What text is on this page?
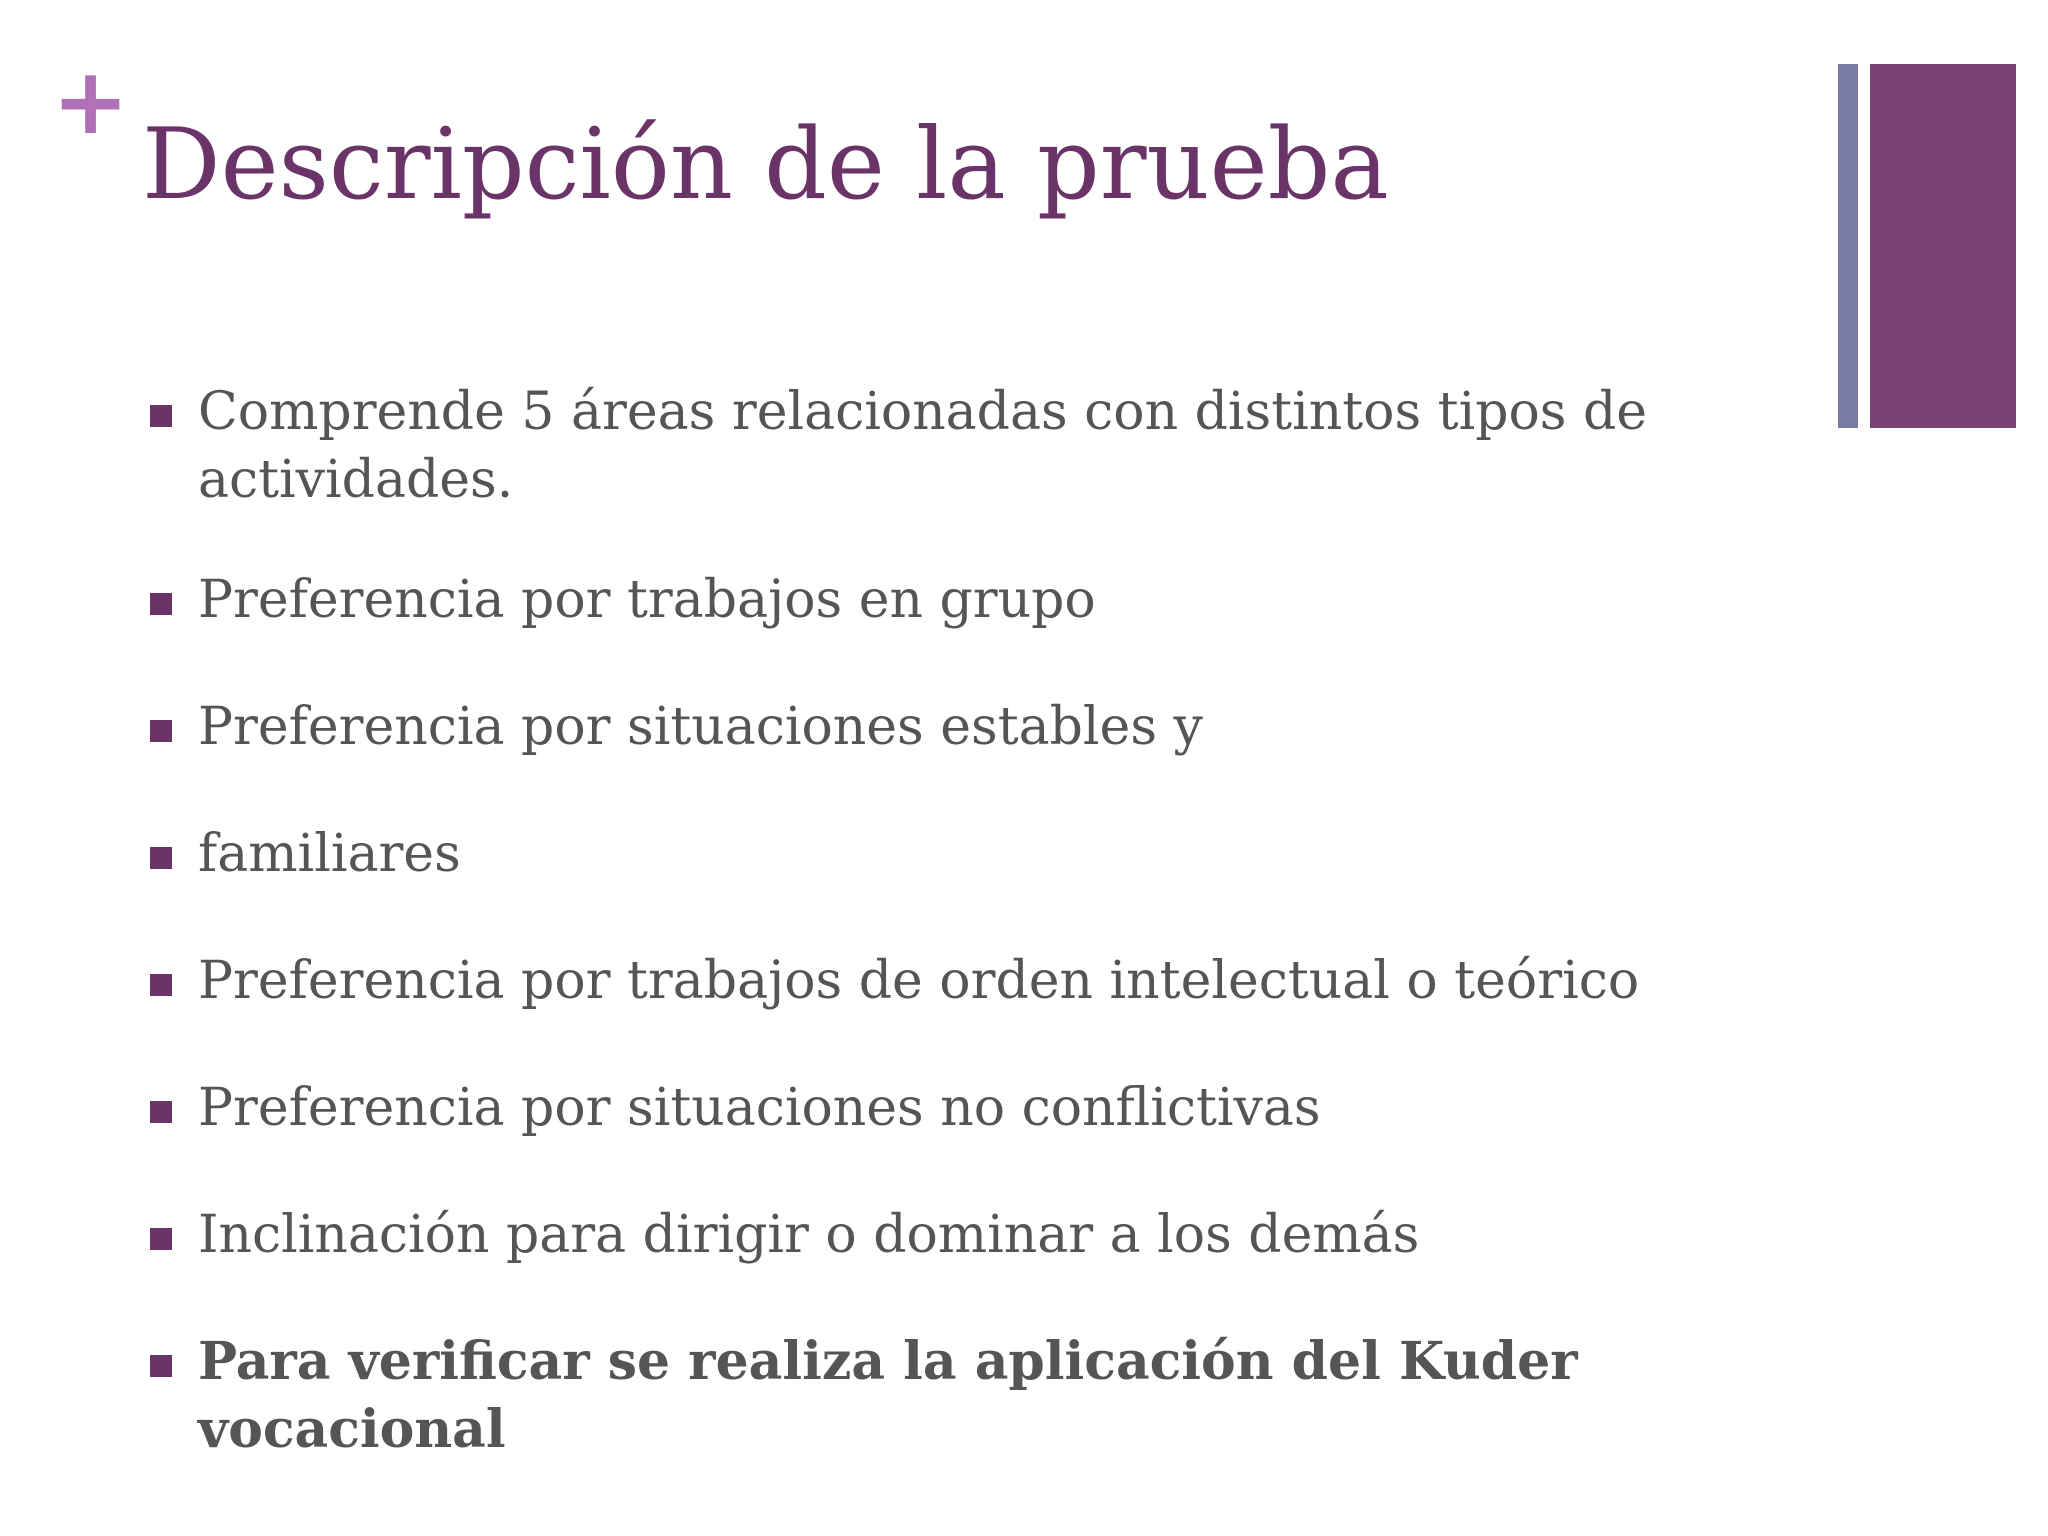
+
Descripción de la prueba
Comprende 5 áreas relacionadas con distintos tipos de actividades.
Preferencia por trabajos en grupo
Preferencia por situaciones estables y
familiares
Preferencia por trabajos de orden intelectual o teórico
Preferencia por situaciones no conflictivas
Inclinación para dirigir o dominar a los demás
Para verificar se realiza la aplicación del Kuder vocacional
